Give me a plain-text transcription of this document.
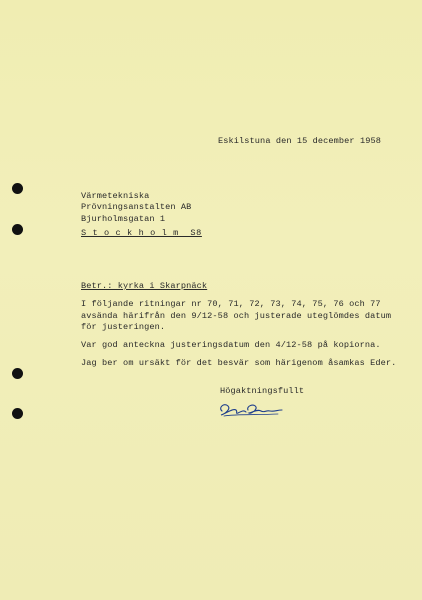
Eskilstuna den 15 december 1958
Värmetekniska
Prövningsanstalten AB
Bjurholmsgatan 1
S t o c k h o l m  S8
Betr.: kyrka i Skarpnäck
I följande ritningar nr 70, 71, 72, 73, 74, 75, 76 och 77
avsända härifrån den 9/12-58 och justerade uteglömdes datum
för justeringen.
Var god anteckna justeringsdatum den 4/12-58 på kopiorna.
Jag ber om ursäkt för det besvär som härigenom åsamkas Eder.
Högaktningsfullt
